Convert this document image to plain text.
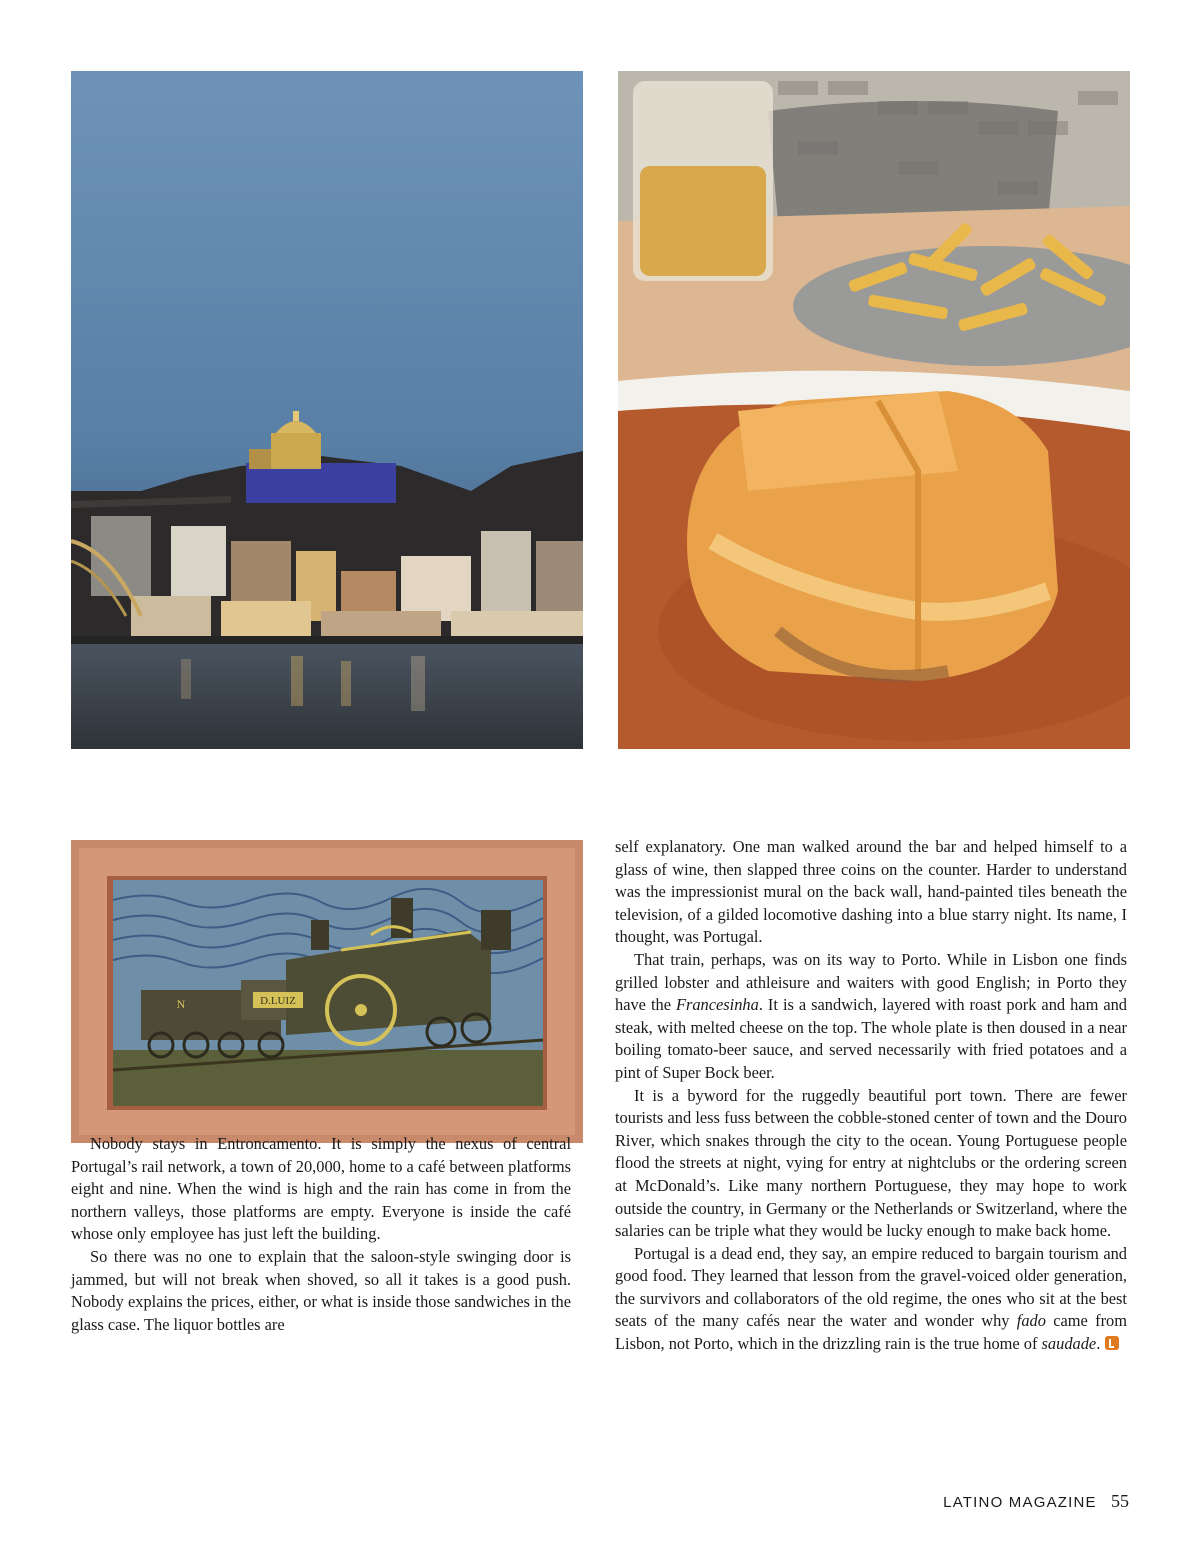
D.LUIZ
N

Nobody stays in Entroncamento. It is simply the nexus of central Portugal’s rail network, a town of 20,000, home to a café between platforms eight and nine. When the wind is high and the rain has come in from the northern valleys, those platforms are empty. Everyone is inside the café whose only employee has just left the building.

So there was no one to explain that the saloon-style swinging door is jammed, but will not break when shoved, so all it takes is a good push. Nobody explains the prices, either, or what is inside those sandwiches in the glass case. The liquor bottles are

self explanatory. One man walked around the bar and helped himself to a glass of wine, then slapped three coins on the counter. Harder to understand was the impressionist mural on the back wall, hand-painted tiles beneath the television, of a gilded locomotive dashing into a blue starry night. Its name, I thought, was Portugal.

That train, perhaps, was on its way to Porto. While in Lisbon one finds grilled lobster and athleisure and waiters with good English; in Porto they have the Francesinha. It is a sandwich, layered with roast pork and ham and steak, with melted cheese on the top. The whole plate is then doused in a near boiling tomato-beer sauce, and served necessarily with fried potatoes and a pint of Super Bock beer.

It is a byword for the ruggedly beautiful port town. There are fewer tourists and less fuss between the cobble-stoned center of town and the Douro River, which snakes through the city to the ocean. Young Portuguese people flood the streets at night, vying for entry at nightclubs or the ordering screen at McDonald’s. Like many northern Portuguese, they may hope to work outside the country, in Germany or the Netherlands or Switzerland, where the salaries can be triple what they would be lucky enough to make back home.

Portugal is a dead end, they say, an empire reduced to bargain tourism and good food. They learned that lesson from the gravel-voiced older generation, the survivors and collaborators of the old regime, the ones who sit at the best seats of the many cafés near the water and wonder why fado came from Lisbon, not Porto, which in the drizzling rain is the true home of saudade.

LATINO MAGAZINE 55
